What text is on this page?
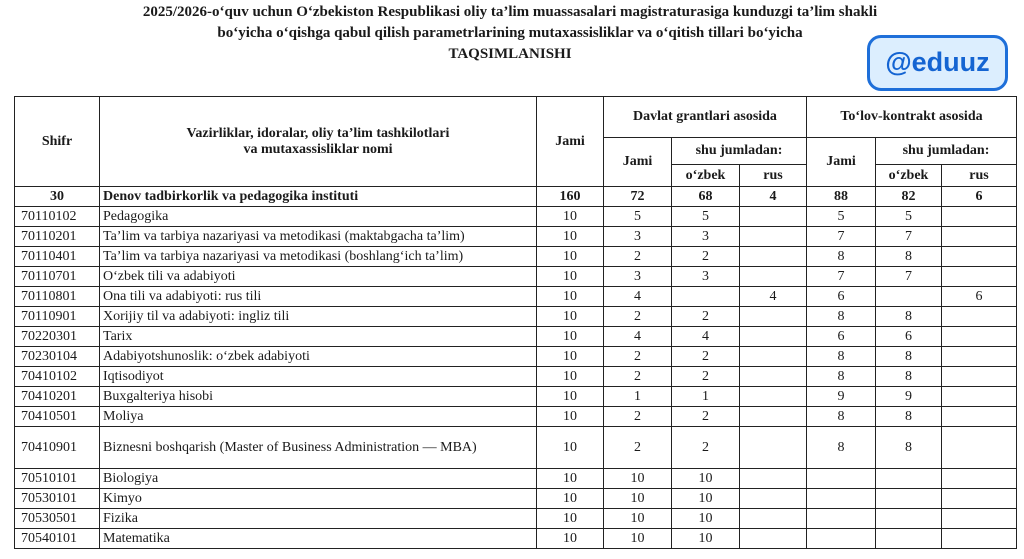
2025/2026-o‘quv uchun O‘zbekiston Respublikasi oliy ta’lim muassasalari magistraturasiga kunduzgi ta’lim shakli
bo‘yicha o‘qishga qabul qilish parametrlarining mutaxassisliklar va o‘qitish tillari bo‘yicha
TAQSIMLANISHI	@eduuz
Shifr	Vazirliklar, idoralar, oliy ta’lim tashkilotlari
va mutaxassisliklar nomi	Jami	Davlat grantlari asosida			To‘lov-kontrakt asosida		
			Jami	shu jumladan:		Jami	shu jumladan:	
				o‘zbek	rus		o‘zbek	rus
30	Denov tadbirkorlik va pedagogika instituti	160	72	68	4	88	82	6
70110102	Pedagogika	10	5	5		5	5	
70110201	Ta’lim va tarbiya nazariyasi va metodikasi (maktabgacha ta’lim)	10	3	3		7	7	
70110401	Ta’lim va tarbiya nazariyasi va metodikasi (boshlang‘ich ta’lim)	10	2	2		8	8	
70110701	O‘zbek tili va adabiyoti	10	3	3		7	7	
70110801	Ona tili va adabiyoti: rus tili	10	4		4	6		6
70110901	Xorijiy til va adabiyoti: ingliz tili	10	2	2		8	8	
70220301	Tarix	10	4	4		6	6	
70230104	Adabiyotshunoslik: o‘zbek adabiyoti	10	2	2		8	8	
70410102	Iqtisodiyot	10	2	2		8	8	
70410201	Buxgalteriya hisobi	10	1	1		9	9	
70410501	Moliya	10	2	2		8	8	
70410901	Biznesni boshqarish (Master of Business Administration — MBA)	10	2	2		8	8	
70510101	Biologiya	10	10	10				
70530101	Kimyo	10	10	10				
70530501	Fizika	10	10	10				
70540101	Matematika	10	10	10				
